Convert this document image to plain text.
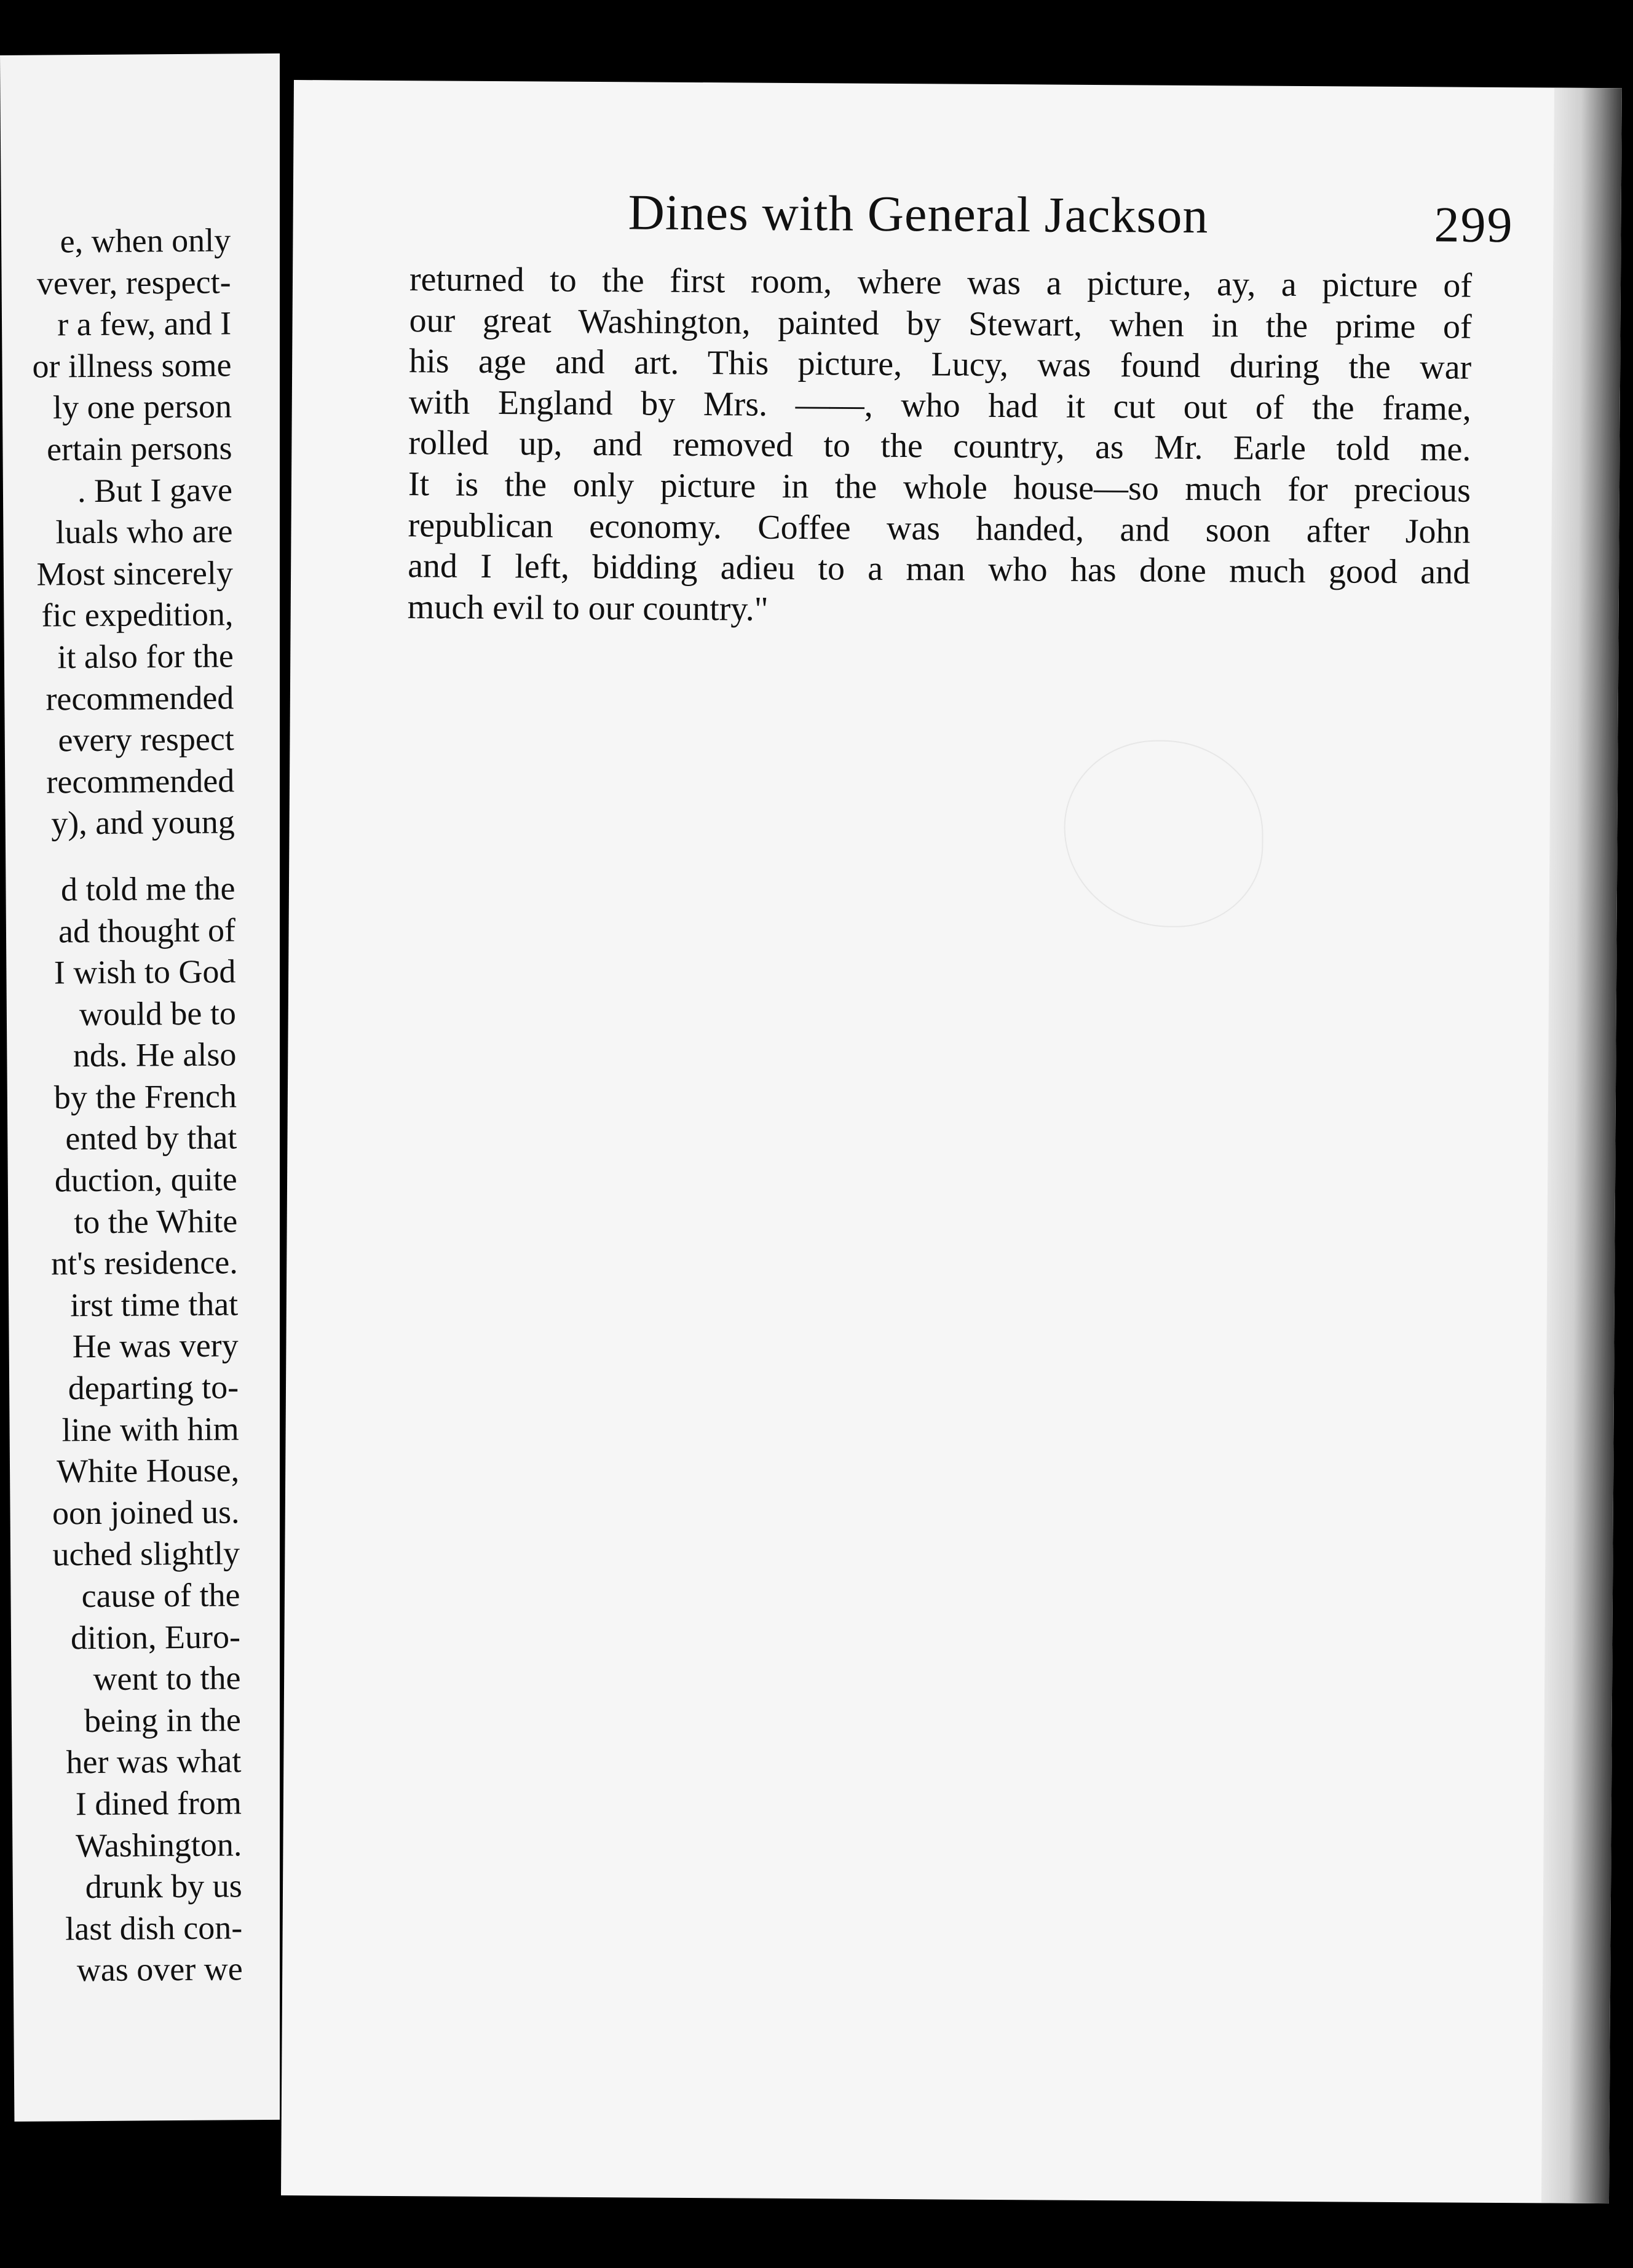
e, when only
vever, respect-
r a few, and I
or illness some
ly one person
ertain persons
. But I gave
luals who are
Most sincerely
fic expedition,
it also for the
recommended
every respect
recommended
y), and young
d told me the
ad thought of
I wish to God
would be to
nds. He also
by the French
ented by that
duction, quite
to the White
nt's residence.
irst time that
He was very
departing to-
line with him
White House,
oon joined us.
uched slightly
cause of the
dition, Euro-
went to the
being in the
her was what
I dined from
Washington.
drunk by us
last dish con-
was over we
Dines with General Jackson	299
returned to the first room, where was a picture, ay, a picture of
our great Washington, painted by Stewart, when in the prime of
his age and art. This picture, Lucy, was found during the war
with England by Mrs. ——, who had it cut out of the frame,
rolled up, and removed to the country, as Mr. Earle told me.
It is the only picture in the whole house—so much for precious
republican economy. Coffee was handed, and soon after John
and I left, bidding adieu to a man who has done much good and
much evil to our country."
